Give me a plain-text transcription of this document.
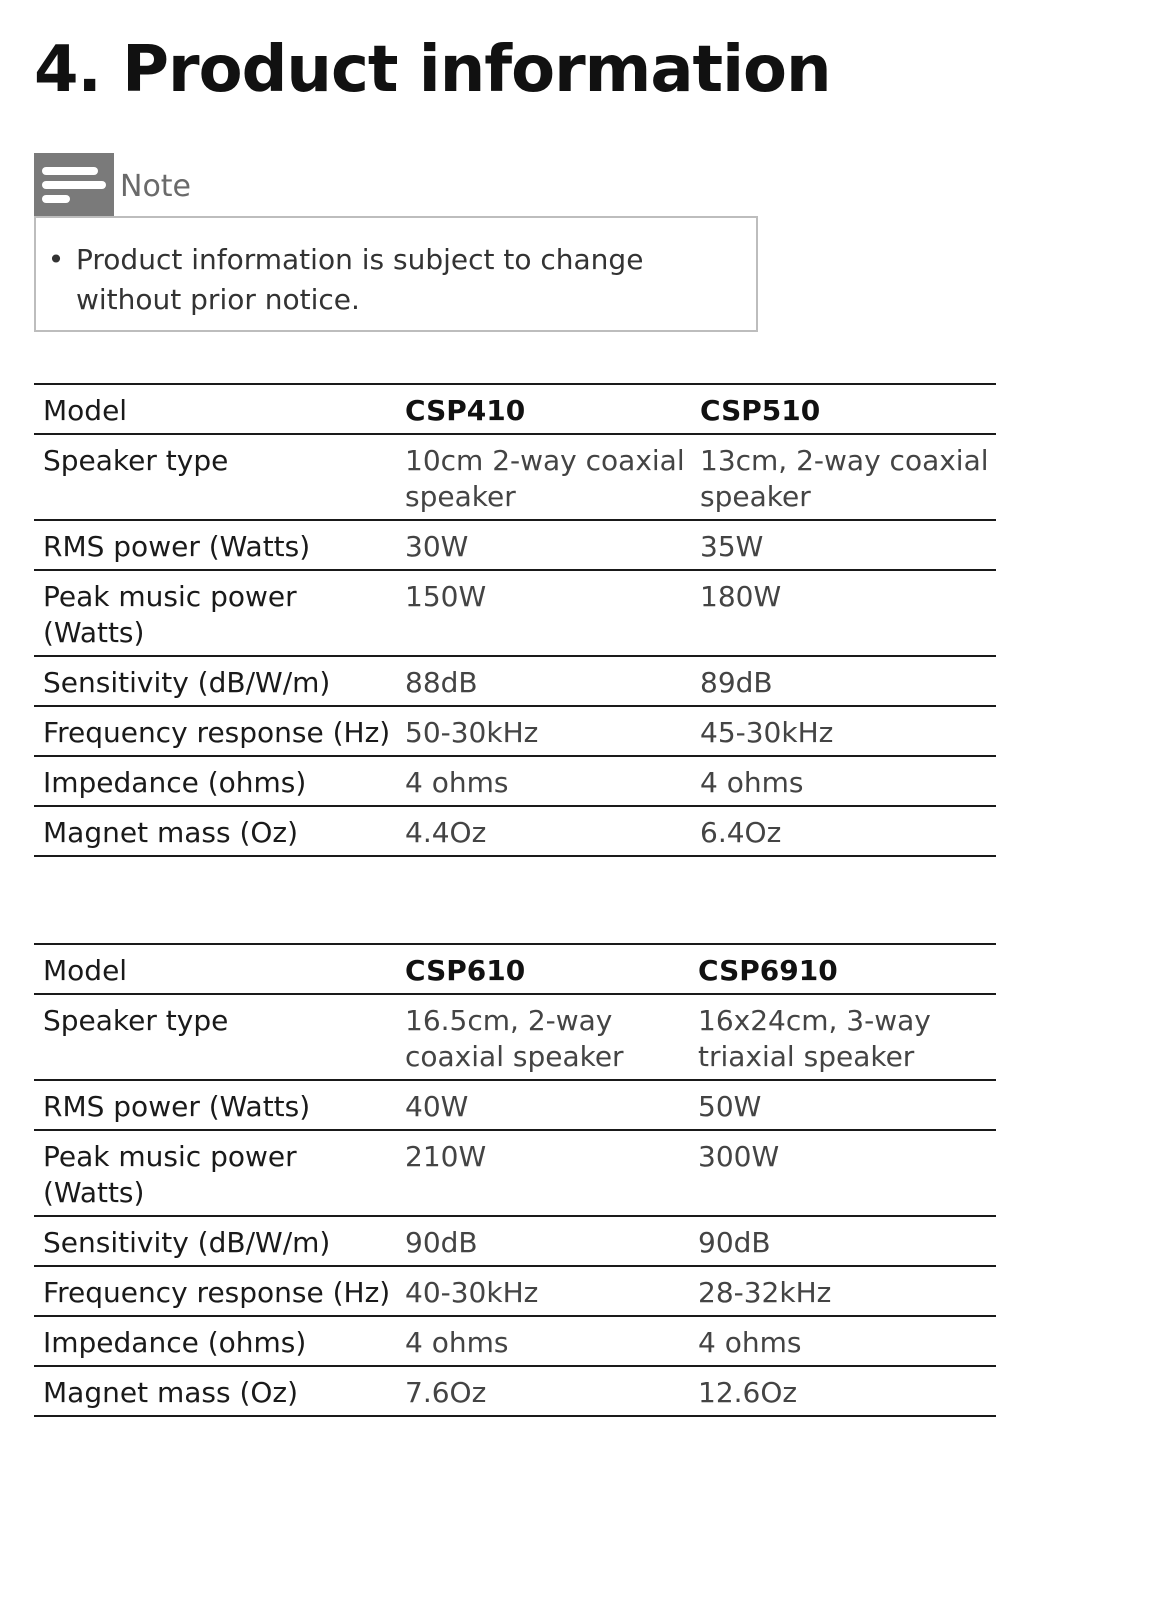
4. Product information
Note
• Product information is subject to change without prior notice.
Model	CSP410	CSP510
Speaker type	10cm 2-way coaxial speaker	13cm, 2-way coaxial speaker
RMS power (Watts)	30W	35W
Peak music power (Watts)	150W	180W
Sensitivity (dB/W/m)	88dB	89dB
Frequency response (Hz)	50-30kHz	45-30kHz
Impedance (ohms)	4 ohms	4 ohms
Magnet mass (Oz)	4.4Oz	6.4Oz
Model	CSP610	CSP6910
Speaker type	16.5cm, 2-way coaxial speaker	16x24cm, 3-way triaxial speaker
RMS power (Watts)	40W	50W
Peak music power (Watts)	210W	300W
Sensitivity (dB/W/m)	90dB	90dB
Frequency response (Hz)	40-30kHz	28-32kHz
Impedance (ohms)	4 ohms	4 ohms
Magnet mass (Oz)	7.6Oz	12.6Oz
